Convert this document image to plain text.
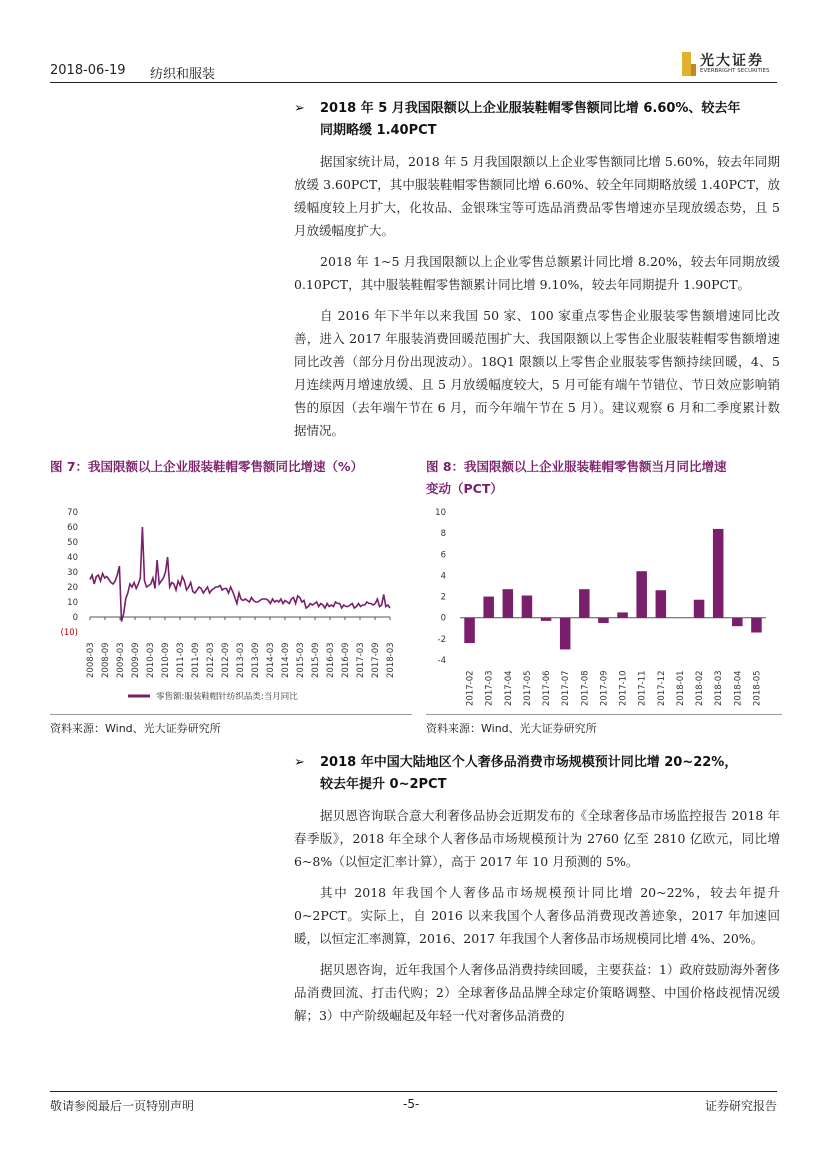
2018-06-19 纺织和服装
光大证券
EVERBRIGHT SECURITIES
➢ 2018 年 5 月我国限额以上企业服装鞋帽零售额同比增 6.60%、较去年
同期略缓 1.40PCT

据国家统计局，2018 年 5 月我国限额以上企业零售额同比增 5.60%，较去年同期放缓 3.60PCT，其中服装鞋帽零售额同比增 6.60%、较全年同期略放缓 1.40PCT，放缓幅度较上月扩大，化妆品、金银珠宝等可选品消费品零售增速亦呈现放缓态势，且 5 月放缓幅度扩大。

2018 年 1~5 月我国限额以上企业零售总额累计同比增 8.20%，较去年同期放缓 0.10PCT，其中服装鞋帽零售额累计同比增 9.10%，较去年同期提升 1.90PCT。

自 2016 年下半年以来我国 50 家、100 家重点零售企业服装零售额增速同比改善，进入 2017 年服装消费回暖范围扩大、我国限额以上零售企业服装鞋帽零售额增速同比改善（部分月份出现波动）。18Q1 限额以上零售企业服装零售额持续回暖，4、5 月连续两月增速放缓、且 5 月放缓幅度较大，5 月可能有端午节错位、节日效应影响销售的原因（去年端午节在 6 月，而今年端午节在 5 月）。建议观察 6 月和二季度累计数据情况。

图 7：我国限额以上企业服装鞋帽零售额同比增速（%）
70
60
50
40
30
20
10
0
(10)
2008-03 2008-09 2009-03 2009-09 2010-03 2010-09 2011-03 2011-09 2012-03 2012-09 2013-03 2013-09 2014-03 2014-09 2015-03 2015-09 2016-03 2016-09 2017-03 2017-09 2018-03
零售额:服装鞋帽针纺织品类:当月同比
资料来源：Wind、光大证券研究所
图 8：我国限额以上企业服装鞋帽零售额当月同比增速
变动（PCT）
10
8
6
4
2
0
-2
-4
2017-02 2017-03 2017-04 2017-05 2017-06 2017-07 2017-08 2017-09 2017-10 2017-11 2017-12 2018-01 2018-02 2018-03 2018-04 2018-05
资料来源：Wind、光大证券研究所
➢ 2018 年中国大陆地区个人奢侈品消费市场规模预计同比增 20~22%，
较去年提升 0~2PCT

据贝恩咨询联合意大利奢侈品协会近期发布的《全球奢侈品市场监控报告 2018 年春季版》，2018 年全球个人奢侈品市场规模预计为 2760 亿至 2810 亿欧元，同比增 6~8%（以恒定汇率计算），高于 2017 年 10 月预测的 5%。

其中 2018 年我国个人奢侈品市场规模预计同比增 20~22%，较去年提升 0~2PCT。实际上，自 2016 以来我国个人奢侈品消费现改善迹象，2017 年加速回暖，以恒定汇率测算，2016、2017 年我国个人奢侈品市场规模同比增 4%、20%。

据贝恩咨询，近年我国个人奢侈品消费持续回暖，主要获益：1）政府鼓励海外奢侈品消费回流、打击代购；2）全球奢侈品品牌全球定价策略调整、中国价格歧视情况缓解；3）中产阶级崛起及年轻一代对奢侈品消费的

敬请参阅最后一页特别声明	-5-	证券研究报告
